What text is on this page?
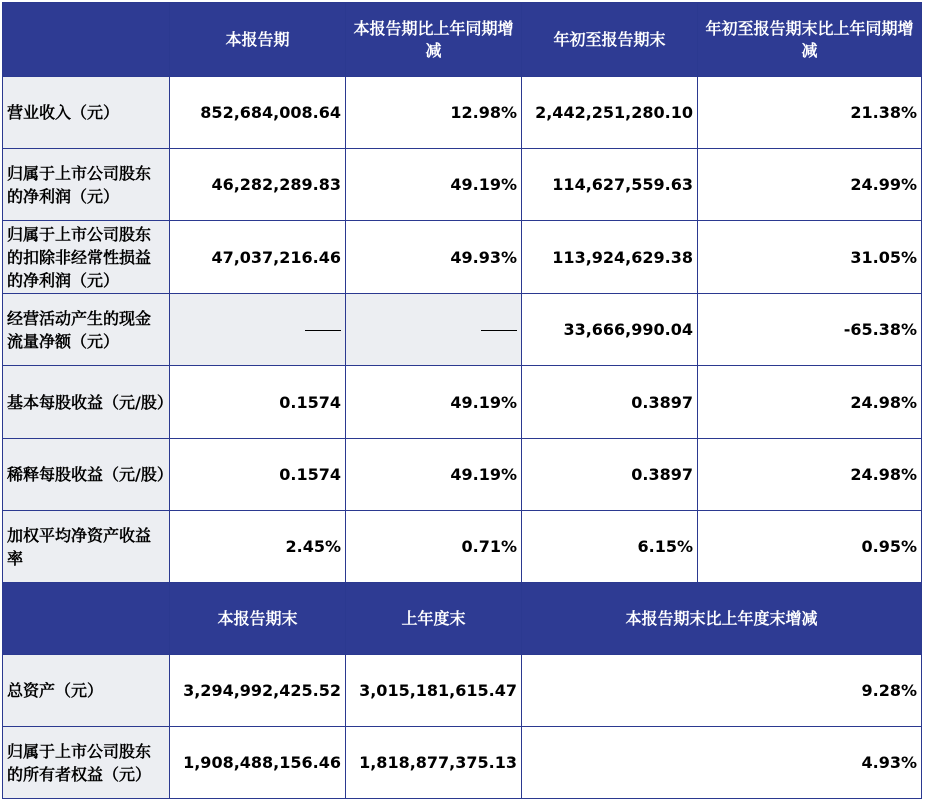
	本报告期	本报告期比上年同期增减	年初至报告期末	年初至报告期末比上年同期增减
营业收入（元）	852,684,008.64	12.98%	2,442,251,280.10	21.38%
归属于上市公司股东的净利润（元）	46,282,289.83	49.19%	114,627,559.63	24.99%
归属于上市公司股东的扣除非经常性损益的净利润（元）	47,037,216.46	49.93%	113,924,629.38	31.05%
经营活动产生的现金流量净额（元）			33,666,990.04	-65.38%
基本每股收益（元/股）	0.1574	49.19%	0.3897	24.98%
稀释每股收益（元/股）	0.1574	49.19%	0.3897	24.98%
加权平均净资产收益率	2.45%	0.71%	6.15%	0.95%
	本报告期末	上年度末	本报告期末比上年度末增减	
总资产（元）	3,294,992,425.52	3,015,181,615.47	9.28%	
归属于上市公司股东的所有者权益（元）	1,908,488,156.46	1,818,877,375.13	4.93%	
